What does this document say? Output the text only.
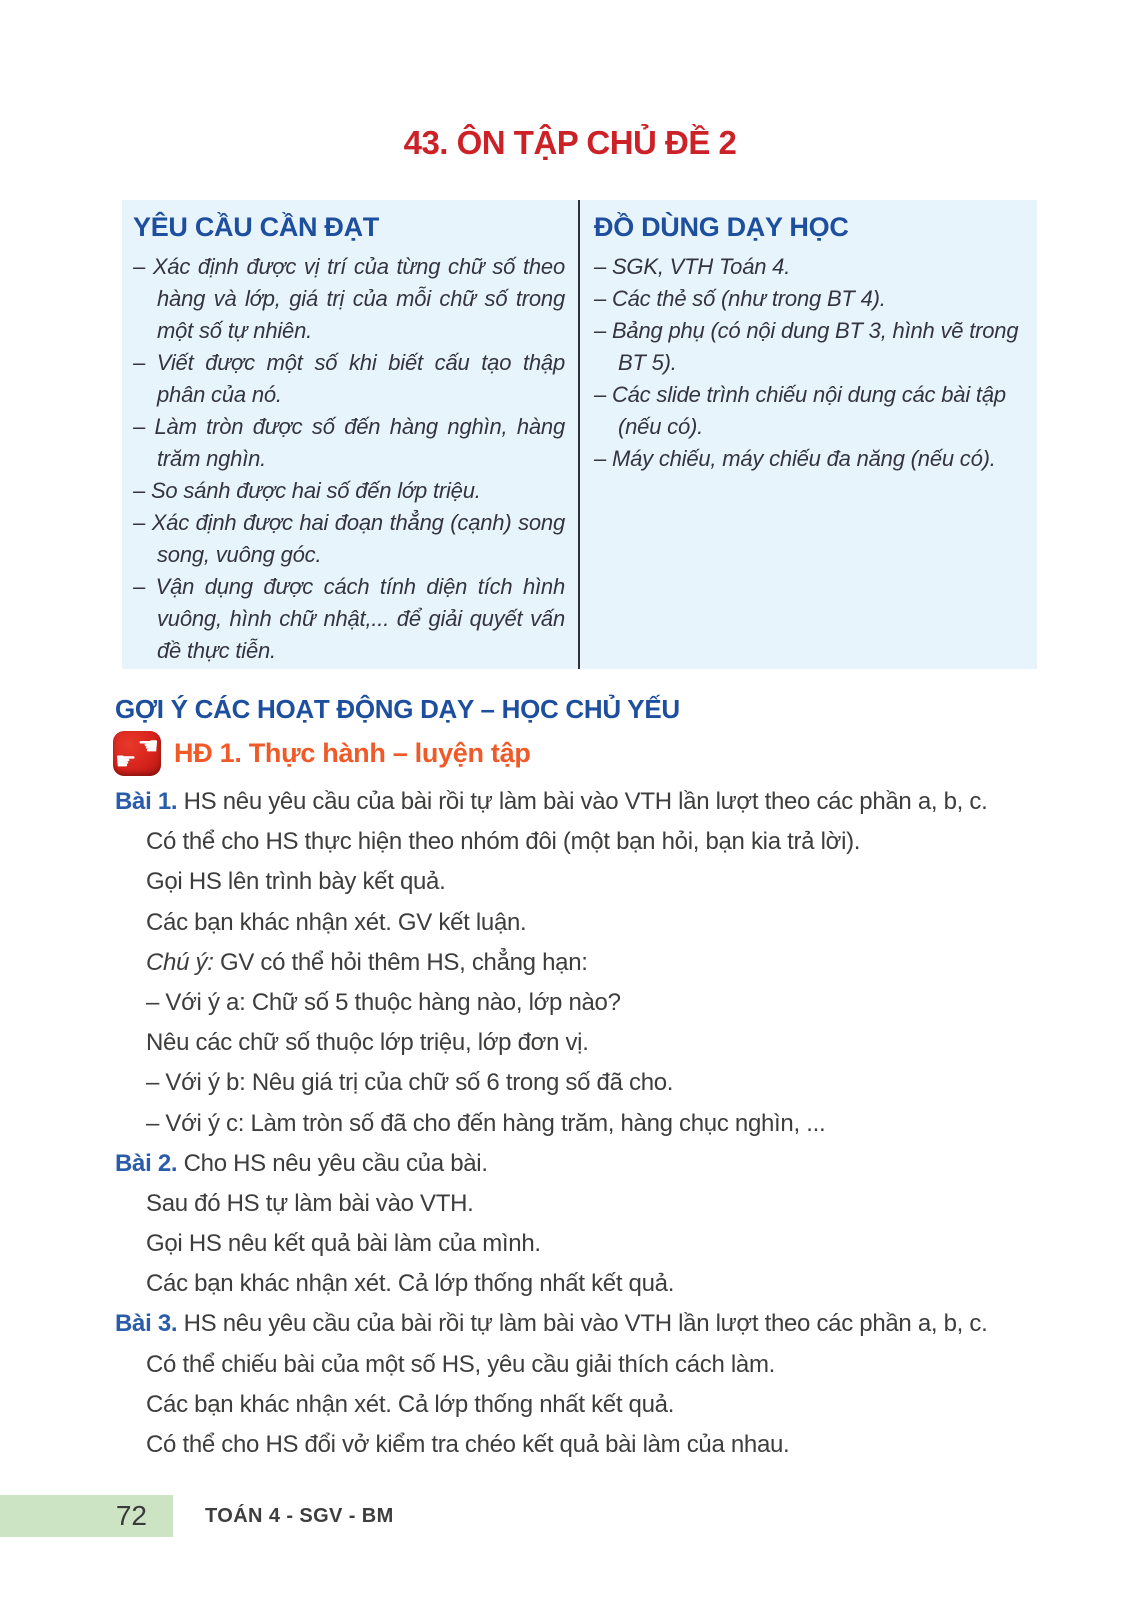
43. ÔN TẬP CHỦ ĐỀ 2
YÊU CẦU CẦN ĐẠT
– Xác định được vị trí của từng chữ số theo hàng và lớp, giá trị của mỗi chữ số trong một số tự nhiên.
– Viết được một số khi biết cấu tạo thập phân của nó.
– Làm tròn được số đến hàng nghìn, hàng trăm nghìn.
– So sánh được hai số đến lớp triệu.
– Xác định được hai đoạn thẳng (cạnh) song song, vuông góc.
– Vận dụng được cách tính diện tích hình vuông, hình chữ nhật,... để giải quyết vấn đề thực tiễn.
ĐỒ DÙNG DẠY HỌC
– SGK, VTH Toán 4.
– Các thẻ số (như trong BT 4).
– Bảng phụ (có nội dung BT 3, hình vẽ trong BT 5).
– Các slide trình chiếu nội dung các bài tập (nếu có).
– Máy chiếu, máy chiếu đa năng (nếu có).
GỢI Ý CÁC HOẠT ĐỘNG DẠY – HỌC CHỦ YẾU
☚
☛ HĐ 1. Thực hành – luyện tập
Bài 1. HS nêu yêu cầu của bài rồi tự làm bài vào VTH lần lượt theo các phần a, b, c.
Có thể cho HS thực hiện theo nhóm đôi (một bạn hỏi, bạn kia trả lời).
Gọi HS lên trình bày kết quả.
Các bạn khác nhận xét. GV kết luận.
Chú ý: GV có thể hỏi thêm HS, chẳng hạn:
– Với ý a: Chữ số 5 thuộc hàng nào, lớp nào?
Nêu các chữ số thuộc lớp triệu, lớp đơn vị.
– Với ý b: Nêu giá trị của chữ số 6 trong số đã cho.
– Với ý c: Làm tròn số đã cho đến hàng trăm, hàng chục nghìn, ...
Bài 2. Cho HS nêu yêu cầu của bài.
Sau đó HS tự làm bài vào VTH.
Gọi HS nêu kết quả bài làm của mình.
Các bạn khác nhận xét. Cả lớp thống nhất kết quả.
Bài 3. HS nêu yêu cầu của bài rồi tự làm bài vào VTH lần lượt theo các phần a, b, c.
Có thể chiếu bài của một số HS, yêu cầu giải thích cách làm.
Các bạn khác nhận xét. Cả lớp thống nhất kết quả.
Có thể cho HS đổi vở kiểm tra chéo kết quả bài làm của nhau.
72	TOÁN 4 - SGV - BM
